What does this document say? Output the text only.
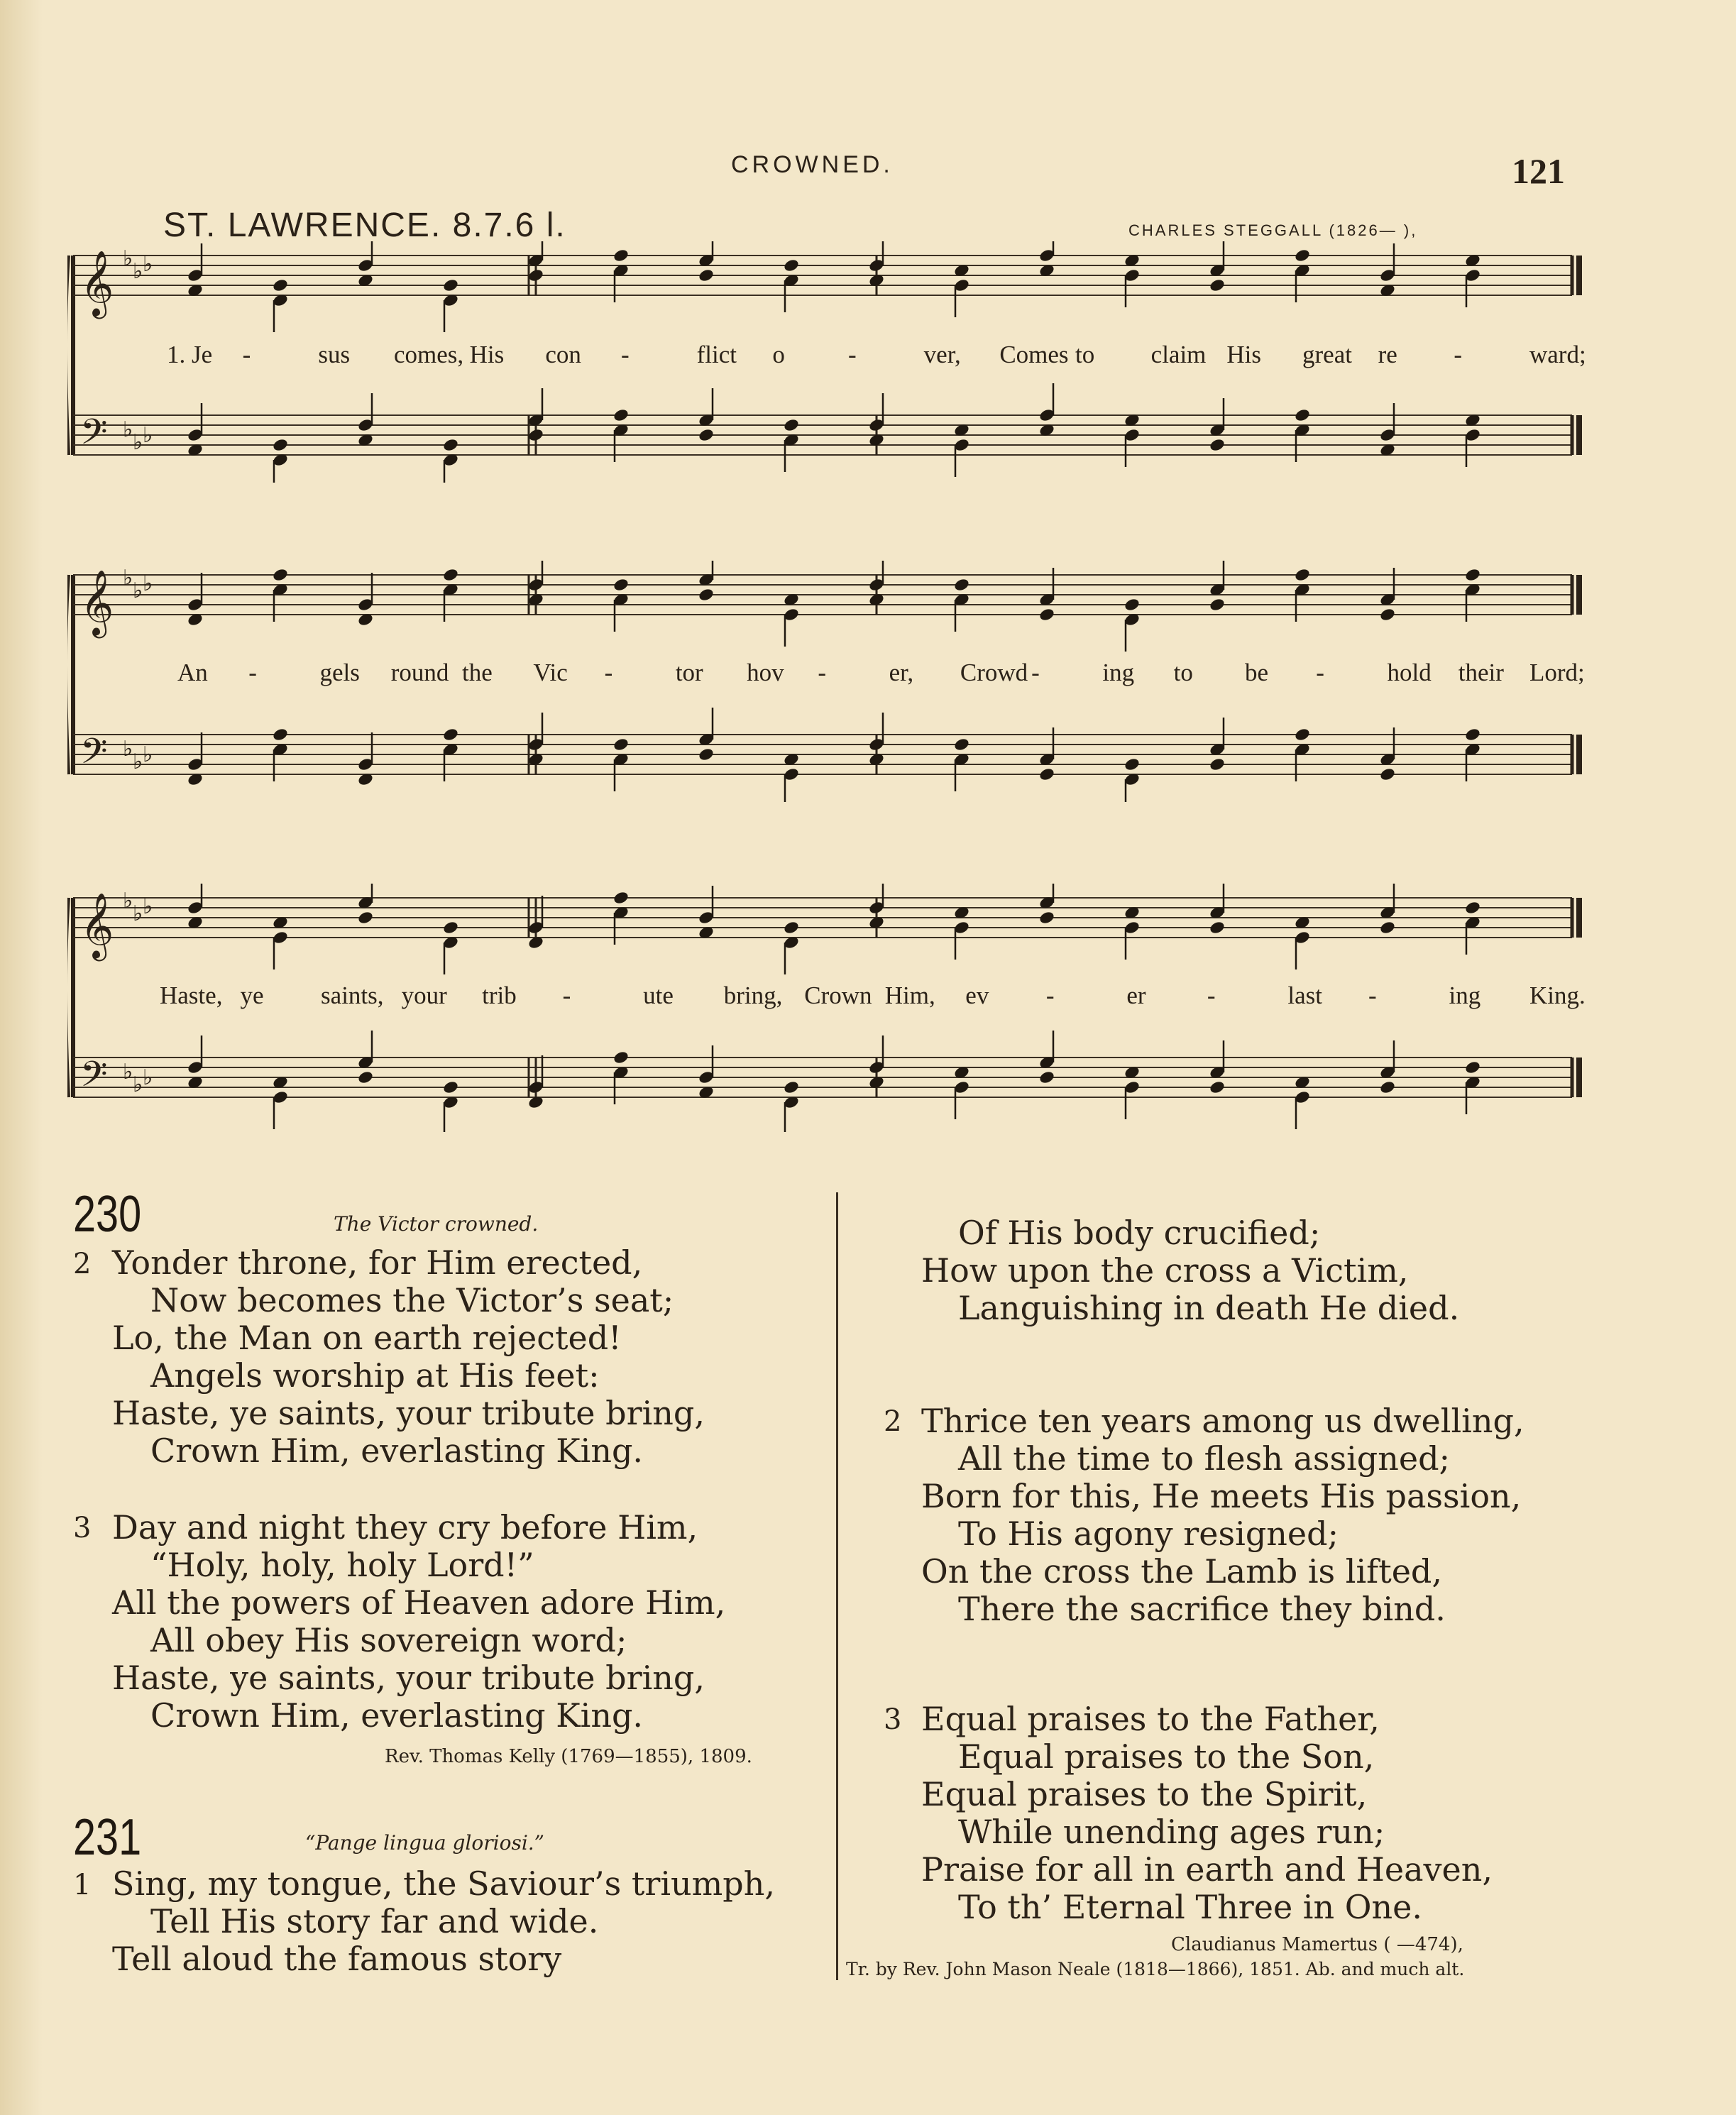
CROWNED.	121
ST. LAWRENCE. 8.7.6 l.	CHARLES STEGGALL (1826— ),
𝄞 ♭
♭ ♭
𝄢 ♭
♭ ♭
1. Je -	sus comes, His con -	flict o	-	ver, Comes to claim His great re -	ward;
𝄞 ♭
♭ ♭
𝄢 ♭
♭ ♭
An -	gels round the Vic -	tor hov -	er, Crowd -	ing to be -	hold their Lord;
𝄞 ♭
♭ ♭
𝄢 ♭
♭ ♭
Haste, ye saints, your trib -	ute bring, Crown Him, ev -	er -	last -	ing King.
230	The Victor crowned.
2 Yonder throne, for Him erected,
Now becomes the Victor’s seat;
Lo, the Man on earth rejected!
Angels worship at His feet:
Haste, ye saints, your tribute bring,
Crown Him, everlasting King.
3 Day and night they cry before Him,
“Holy, holy, holy Lord!”
All the powers of Heaven adore Him,
All obey His sovereign word;
Haste, ye saints, your tribute bring,
Crown Him, everlasting King.
Rev. Thomas Kelly (1769—1855), 1809.
231	“Pange lingua gloriosi.”
1 Sing, my tongue, the Saviour’s triumph,
Tell His story far and wide.
Tell aloud the famous story
Of His body crucified;
How upon the cross a Victim,
Languishing in death He died.
2 Thrice ten years among us dwelling,
All the time to flesh assigned;
Born for this, He meets His passion,
To His agony resigned;
On the cross the Lamb is lifted,
There the sacrifice they bind.
3 Equal praises to the Father,
Equal praises to the Son,
Equal praises to the Spirit,
While unending ages run;
Praise for all in earth and Heaven,
To th’ Eternal Three in One.
Claudianus Mamertus ( —474),
Tr. by Rev. John Mason Neale (1818—1866), 1851. Ab. and much alt.
